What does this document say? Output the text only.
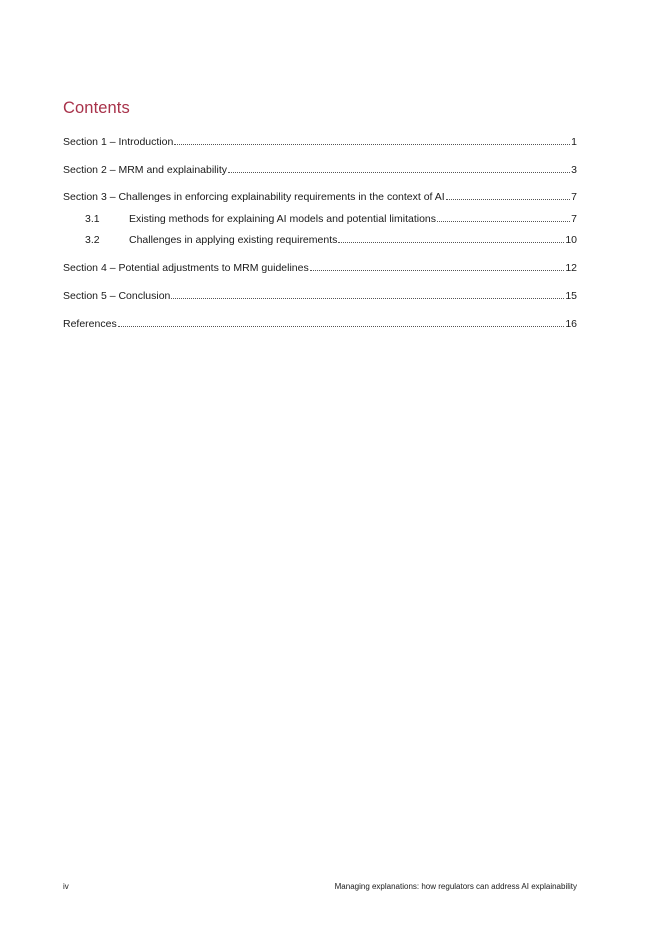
Contents
Section 1 – Introduction	1
Section 2 – MRM and explainability	3
Section 3 – Challenges in enforcing explainability requirements in the context of AI	7
3.1	Existing methods for explaining AI models and potential limitations	7
3.2	Challenges in applying existing requirements	10
Section 4 – Potential adjustments to MRM guidelines	12
Section 5 – Conclusion	15
References	16
iv	Managing explanations: how regulators can address AI explainability
